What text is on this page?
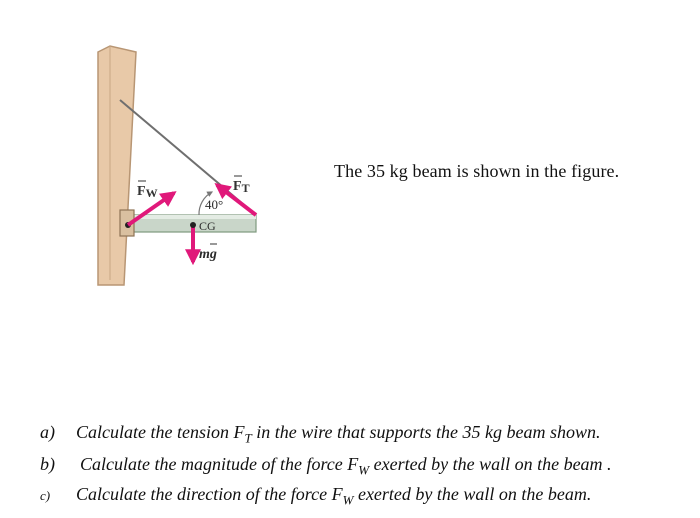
FW	FT
40°
CG
mg
The 35 kg beam is shown in the figure.
a) Calculate the tension $F_T$ in the wire that supports the 35 kg beam shown.
b) Calculate the magnitude of the force $F_W$ exerted by the wall on the beam .
c) Calculate the direction of the force $F_W$ exerted by the wall on the beam.
